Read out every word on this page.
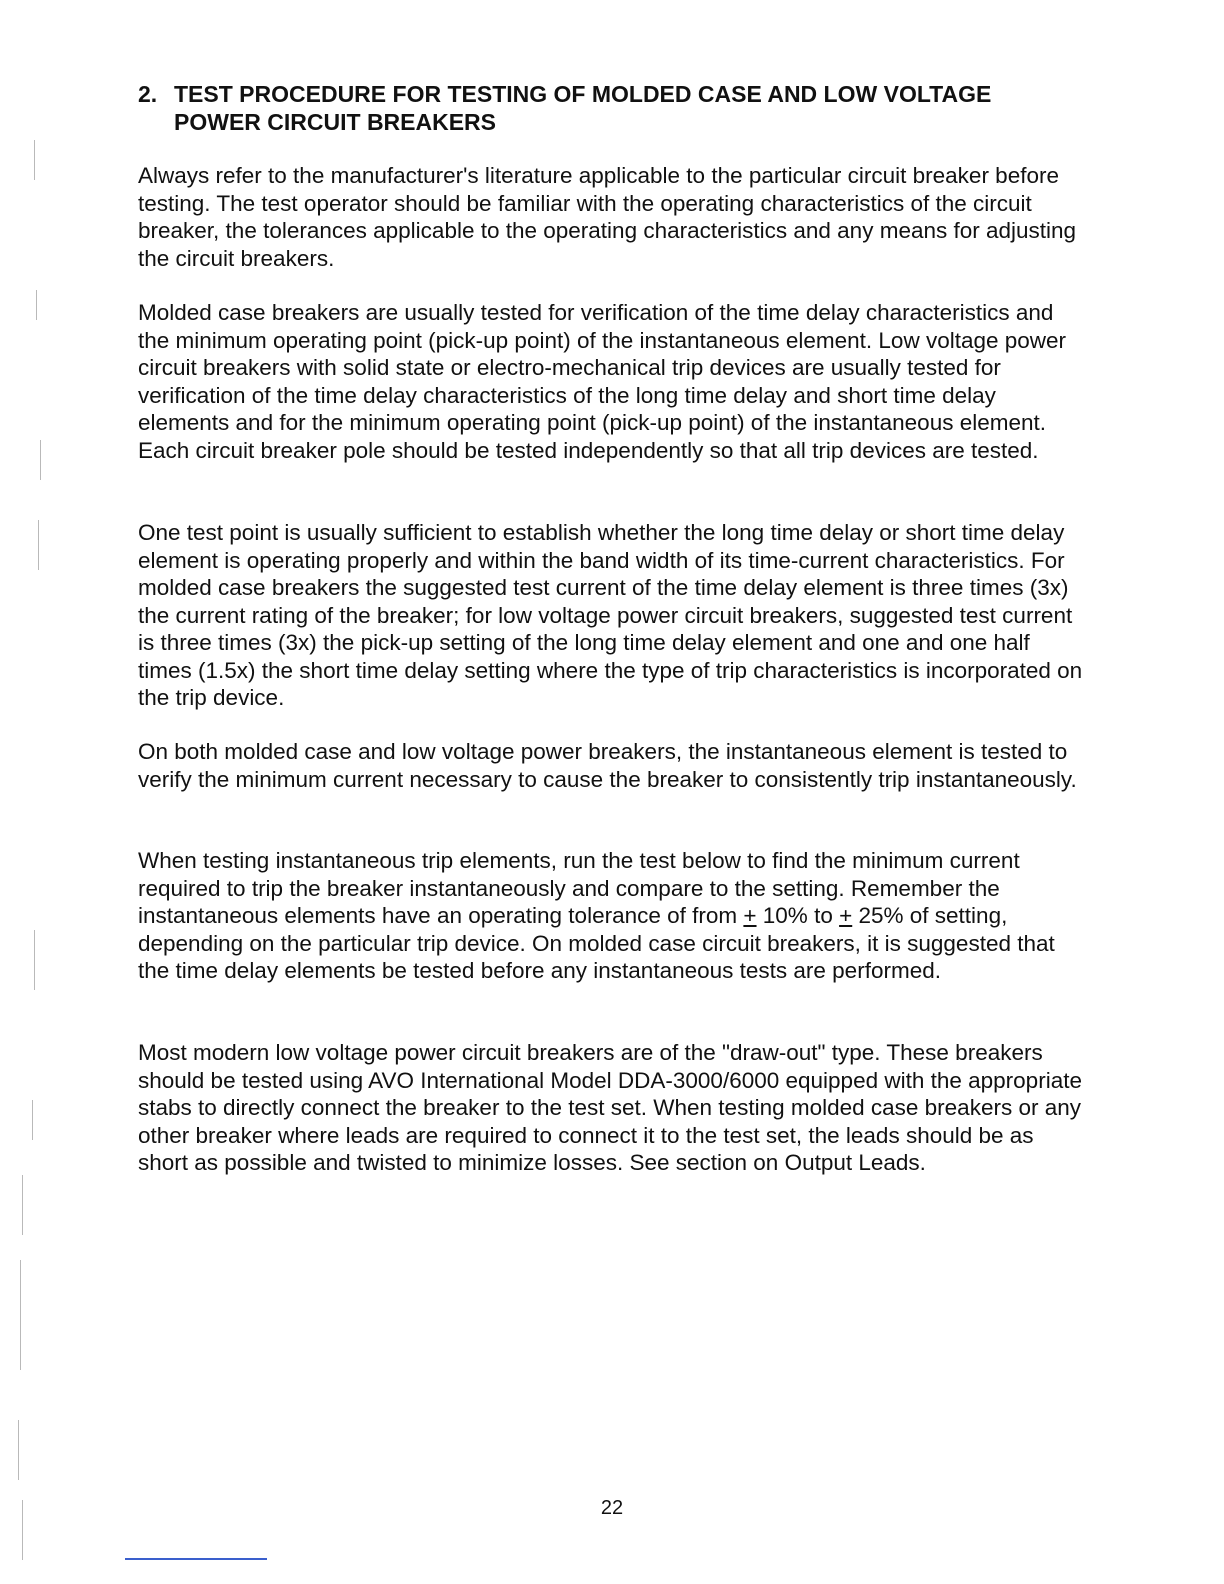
2. TEST PROCEDURE FOR TESTING OF MOLDED CASE AND LOW VOLTAGE
POWER CIRCUIT BREAKERS

Always refer to the manufacturer's literature applicable to the particular circuit breaker before testing. The test operator should be familiar with the operating characteristics of the circuit breaker, the tolerances applicable to the operating characteristics and any means for adjusting the circuit breakers.

Molded case breakers are usually tested for verification of the time delay characteristics and the minimum operating point (pick-up point) of the instantaneous element. Low voltage power circuit breakers with solid state or electro-mechanical trip devices are usually tested for verification of the time delay characteristics of the long time delay and short time delay elements and for the minimum operating point (pick-up point) of the instantaneous element. Each circuit breaker pole should be tested independently so that all trip devices are tested.

One test point is usually sufficient to establish whether the long time delay or short time delay element is operating properly and within the band width of its time-current characteristics. For molded case breakers the suggested test current of the time delay element is three times (3x) the current rating of the breaker; for low voltage power circuit breakers, suggested test current is three times (3x) the pick-up setting of the long time delay element and one and one half times (1.5x) the short time delay setting where the type of trip characteristics is incorporated on the trip device.

On both molded case and low voltage power breakers, the instantaneous element is tested to verify the minimum current necessary to cause the breaker to consistently trip instantaneously.

When testing instantaneous trip elements, run the test below to find the minimum current required to trip the breaker instantaneously and compare to the setting. Remember the instantaneous elements have an operating tolerance of from + 10% to + 25% of setting, depending on the particular trip device. On molded case circuit breakers, it is suggested that the time delay elements be tested before any instantaneous tests are performed.

Most modern low voltage power circuit breakers are of the "draw-out" type. These breakers should be tested using AVO International Model DDA-3000/6000 equipped with the appropriate stabs to directly connect the breaker to the test set. When testing molded case breakers or any other breaker where leads are required to connect it to the test set, the leads should be as short as possible and twisted to minimize losses. See section on Output Leads.

22
